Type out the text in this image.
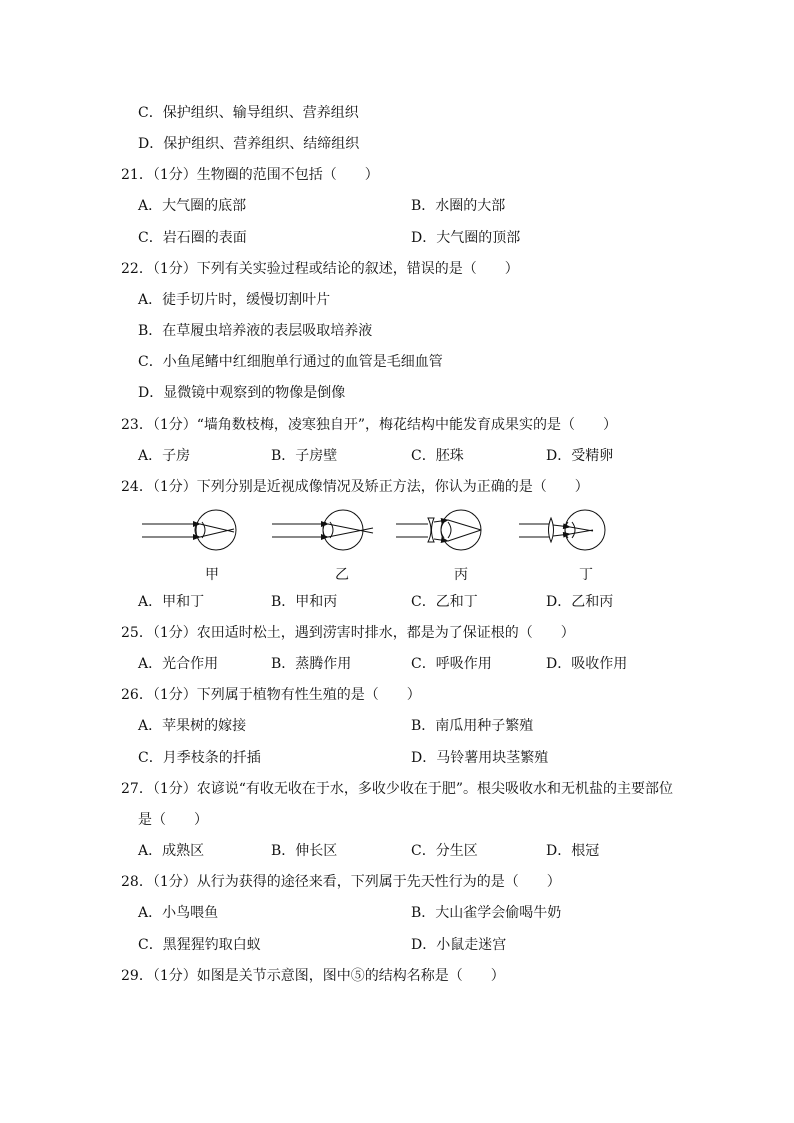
C．保护组织、输导组织、营养组织
D．保护组织、营养组织、结缔组织
21．（1分）生物圈的范围不包括（　　）
A．大气圈的底部	B．水圈的大部
C．岩石圈的表面	D．大气圈的顶部
22．（1分）下列有关实验过程或结论的叙述，错误的是（　　）
A．徒手切片时，缓慢切割叶片
B．在草履虫培养液的表层吸取培养液
C．小鱼尾鳍中红细胞单行通过的血管是毛细血管
D．显微镜中观察到的物像是倒像
23．（1分）“墙角数枝梅，凌寒独自开”，梅花结构中能发育成果实的是（　　）
A．子房	B．子房壁	C．胚珠	D．受精卵
24．（1分）下列分别是近视成像情况及矫正方法，你认为正确的是（　　）
甲	乙	丙	丁
A．甲和丁	B．甲和丙	C．乙和丁	D．乙和丙
25．（1分）农田适时松土，遇到涝害时排水，都是为了保证根的（　　）
A．光合作用	B．蒸腾作用	C．呼吸作用	D．吸收作用
26．（1分）下列属于植物有性生殖的是（　　）
A．苹果树的嫁接	B．南瓜用种子繁殖
C．月季枝条的扦插	D．马铃薯用块茎繁殖
27．（1分）农谚说“有收无收在于水，多收少收在于肥”。根尖吸收水和无机盐的主要部位
是（　　）
A．成熟区	B．伸长区	C．分生区	D．根冠
28．（1分）从行为获得的途径来看，下列属于先天性行为的是（　　）
A．小鸟喂鱼	B．大山雀学会偷喝牛奶
C．黑猩猩钓取白蚁	D．小鼠走迷宫
29．（1分）如图是关节示意图，图中⑤的结构名称是（　　）
